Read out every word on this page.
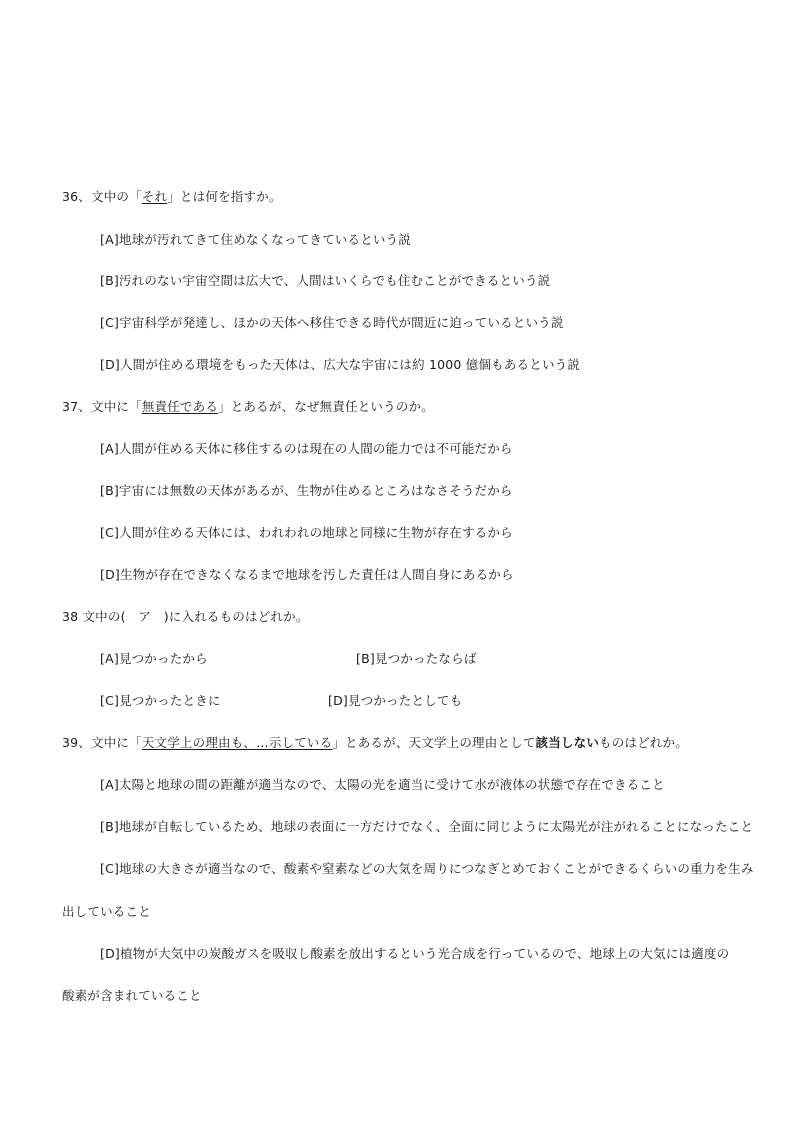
36、文中の「それ」とは何を指すか。
[A]地球が汚れてきて住めなくなってきているという説
[B]汚れのない宇宙空間は広大で、人間はいくらでも住むことができるという説
[C]宇宙科学が発達し、ほかの天体へ移住できる時代が間近に迫っているという説
[D]人間が住める環境をもった天体は、広大な宇宙には約 1000 億個もあるという説
37、文中に「無責任である」とあるが、なぜ無責任というのか。
[A]人間が住める天体に移住するのは現在の人間の能力では不可能だから
[B]宇宙には無数の天体があるが、生物が住めるところはなさそうだから
[C]人間が住める天体には、われわれの地球と同様に生物が存在するから
[D]生物が存在できなくなるまで地球を汚した責任は人間自身にあるから
38 文中の(　ア　)に入れるものはどれか。
[A]見つかったから	[B]見つかったならば
[C]見つかったときに	[D]見つかったとしても
39、文中に「天文学上の理由も、…示している」とあるが、天文学上の理由として該当しないものはどれか。
[A]太陽と地球の間の距離が適当なので、太陽の光を適当に受けて水が液体の状態で存在できること
[B]地球が自転しているため、地球の表面に一方だけでなく、全面に同じように太陽光が注がれることになったこと
[C]地球の大きさが適当なので、酸素や窒素などの大気を周りにつなぎとめておくことができるくらいの重力を生み
出していること
[D]植物が大気中の炭酸ガスを吸収し酸素を放出するという光合成を行っているので、地球上の大気には適度の
酸素が含まれていること
